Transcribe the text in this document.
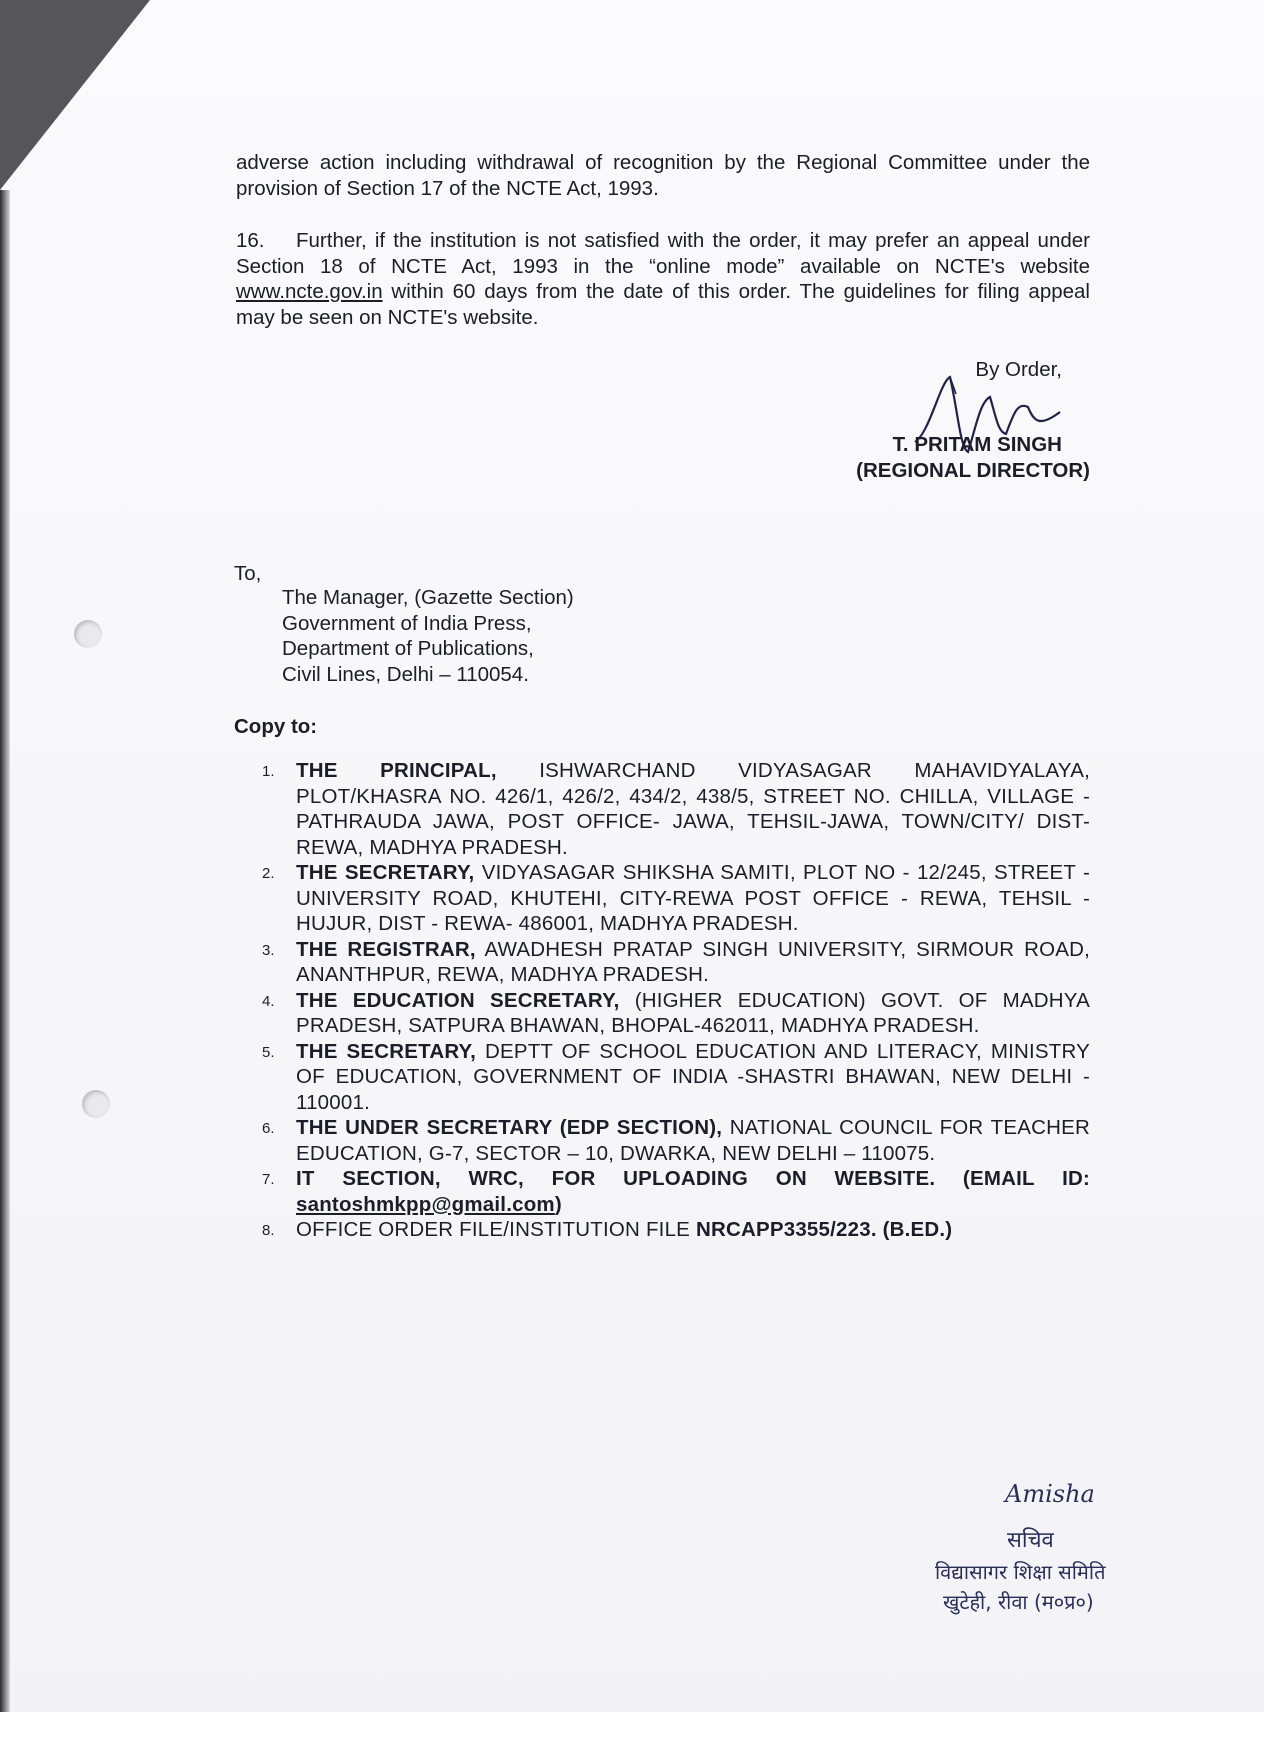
adverse action including withdrawal of recognition by the Regional Committee under the provision of Section 17 of the NCTE Act, 1993.
16. Further, if the institution is not satisfied with the order, it may prefer an appeal under Section 18 of NCTE Act, 1993 in the “online mode” available on NCTE's website www.ncte.gov.in within 60 days from the date of this order. The guidelines for filing appeal may be seen on NCTE's website.
By Order,
T. PRITAM SINGH
(REGIONAL DIRECTOR)
To,
The Manager, (Gazette Section)
Government of India Press,
Department of Publications,
Civil Lines, Delhi – 110054.
Copy to:
1. THE PRINCIPAL, ISHWARCHAND VIDYASAGAR MAHAVIDYALAYA, PLOT/KHASRA NO. 426/1, 426/2, 434/2, 438/5, STREET NO. CHILLA, VILLAGE - PATHRAUDA JAWA, POST OFFICE- JAWA, TEHSIL-JAWA, TOWN/CITY/ DIST-REWA, MADHYA PRADESH.
2. THE SECRETARY, VIDYASAGAR SHIKSHA SAMITI, PLOT NO - 12/245, STREET - UNIVERSITY ROAD, KHUTEHI, CITY-REWA POST OFFICE - REWA, TEHSIL - HUJUR, DIST - REWA- 486001, MADHYA PRADESH.
3. THE REGISTRAR, AWADHESH PRATAP SINGH UNIVERSITY, SIRMOUR ROAD, ANANTHPUR, REWA, MADHYA PRADESH.
4. THE EDUCATION SECRETARY, (HIGHER EDUCATION) GOVT. OF MADHYA PRADESH, SATPURA BHAWAN, BHOPAL-462011, MADHYA PRADESH.
5. THE SECRETARY, DEPTT OF SCHOOL EDUCATION AND LITERACY, MINISTRY OF EDUCATION, GOVERNMENT OF INDIA -SHASTRI BHAWAN, NEW DELHI - 110001.
6. THE UNDER SECRETARY (EDP SECTION), NATIONAL COUNCIL FOR TEACHER EDUCATION, G-7, SECTOR – 10, DWARKA, NEW DELHI – 110075.
7. IT SECTION, WRC, FOR UPLOADING ON WEBSITE. (EMAIL ID: santoshmkpp@gmail.com)
8. OFFICE ORDER FILE/INSTITUTION FILE NRCAPP3355/223. (B.ED.)
Amisha
सचिव
विद्यासागर शिक्षा समिति
खुटेही, रीवा (म०प्र०)
